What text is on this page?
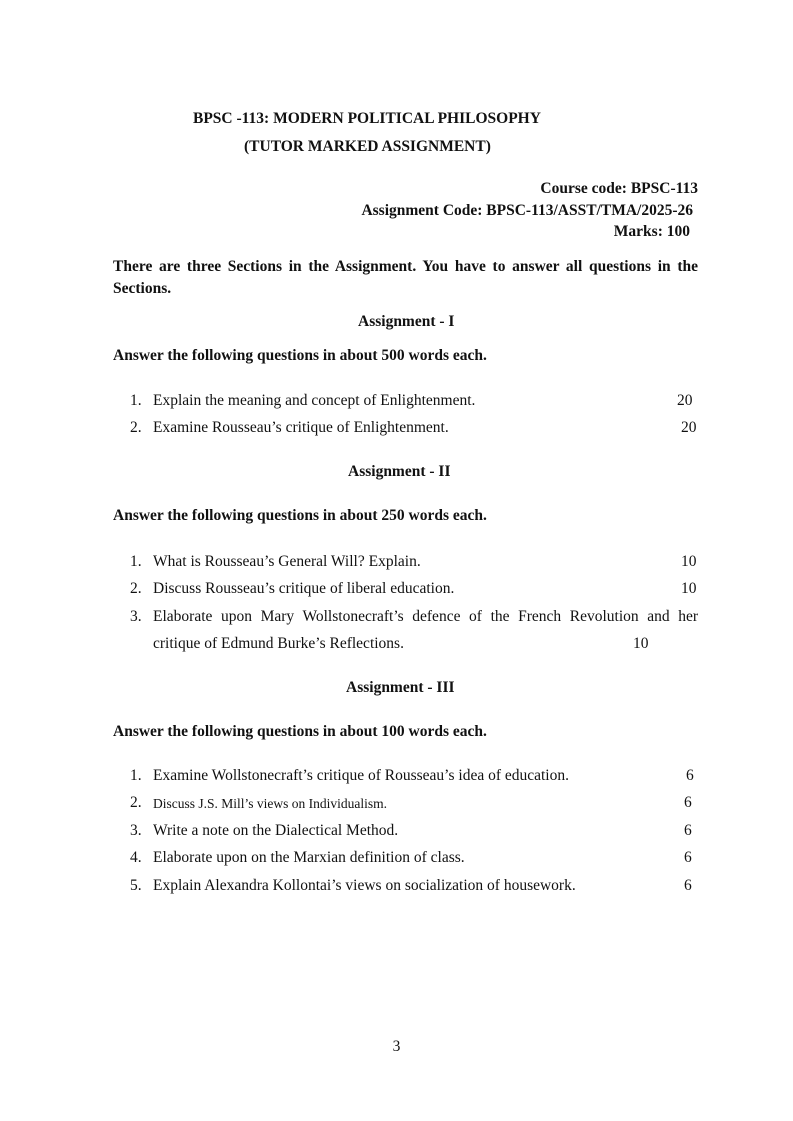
BPSC -113: MODERN POLITICAL PHILOSOPHY
(TUTOR MARKED ASSIGNMENT)
Course code: BPSC-113
Assignment Code: BPSC-113/ASST/TMA/2025-26
Marks: 100
There are three Sections in the Assignment. You have to answer all questions in the Sections.
Assignment - I
Answer the following questions in about 500 words each.
1. Explain the meaning and concept of Enlightenment.	20
2. Examine Rousseau’s critique of Enlightenment.	20
Assignment - II
Answer the following questions in about 250 words each.
1. What is Rousseau’s General Will? Explain.	10
2. Discuss Rousseau’s critique of liberal education.	10
3. Elaborate upon Mary Wollstonecraft’s defence of the French Revolution and her critique of Edmund Burke’s Reflections.	10
Assignment - III
Answer the following questions in about 100 words each.
1. Examine Wollstonecraft’s critique of Rousseau’s idea of education.	6
2. Discuss J.S. Mill’s views on Individualism.	6
3. Write a note on the Dialectical Method.	6
4. Elaborate upon on the Marxian definition of class.	6
5. Explain Alexandra Kollontai’s views on socialization of housework.	6
3
